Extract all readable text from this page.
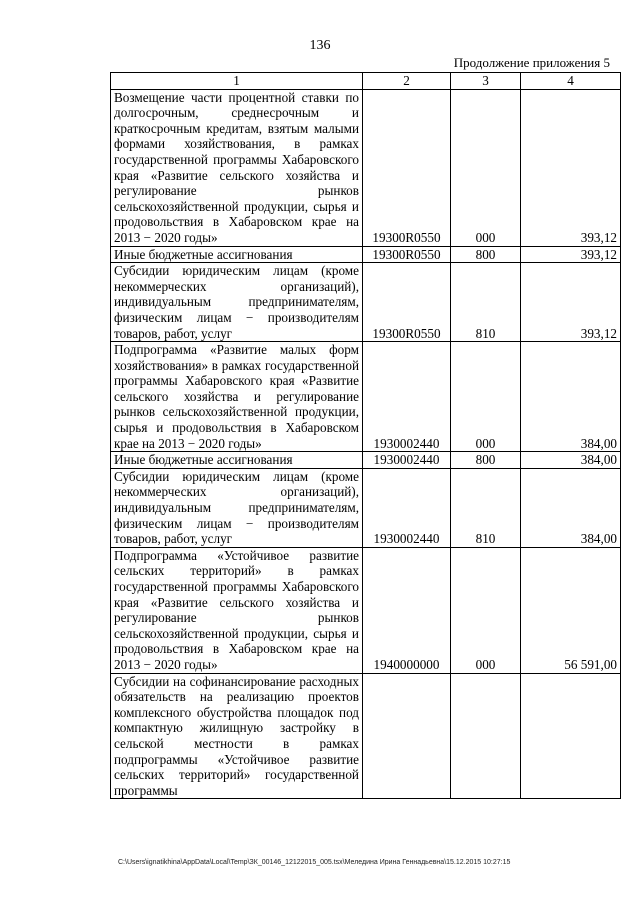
136
Продолжение приложения 5
1	2	3	4
Возмещение части процентной ставки по долгосрочным, среднесрочным и краткосрочным кредитам, взятым малыми формами хозяйствования, в рамках государственной программы Хабаровского края «Развитие сельского хозяйства и регулирование рынков сельскохозяйственной продукции, сырья и продовольствия в Хабаровском крае на 2013 − 2020 годы»	19300R0550	000	393,12
Иные бюджетные ассигнования	19300R0550	800	393,12
Субсидии юридическим лицам (кроме некоммерческих организаций), индивидуальным предпринимателям, физическим лицам − производителям товаров, работ, услуг	19300R0550	810	393,12
Подпрограмма «Развитие малых форм хозяйствования» в рамках государственной программы Хабаровского края «Развитие сельского хозяйства и регулирование рынков сельскохозяйственной продукции, сырья и продовольствия в Хабаровском крае на 2013 − 2020 годы»	1930002440	000	384,00
Иные бюджетные ассигнования	1930002440	800	384,00
Субсидии юридическим лицам (кроме некоммерческих организаций), индивидуальным предпринимателям, физическим лицам − производителям товаров, работ, услуг	1930002440	810	384,00
Подпрограмма «Устойчивое развитие сельских территорий» в рамках государственной программы Хабаровского края «Развитие сельского хозяйства и регулирование рынков сельскохозяйственной продукции, сырья и продовольствия в Хабаровском крае на 2013 − 2020 годы»	1940000000	000	56 591,00
Субсидии на софинансирование расходных обязательств на реализацию проектов комплексного обустройства площадок под компактную жилищную застройку в сельской местности в рамках подпрограммы «Устойчивое развитие сельских территорий» государственной программы			
C:\Users\ignatikhina\AppData\Local\Temp\ЗК_00146_12122015_005.tsx\Меледина Ирина Геннадьевна\15.12.2015 10:27:15
